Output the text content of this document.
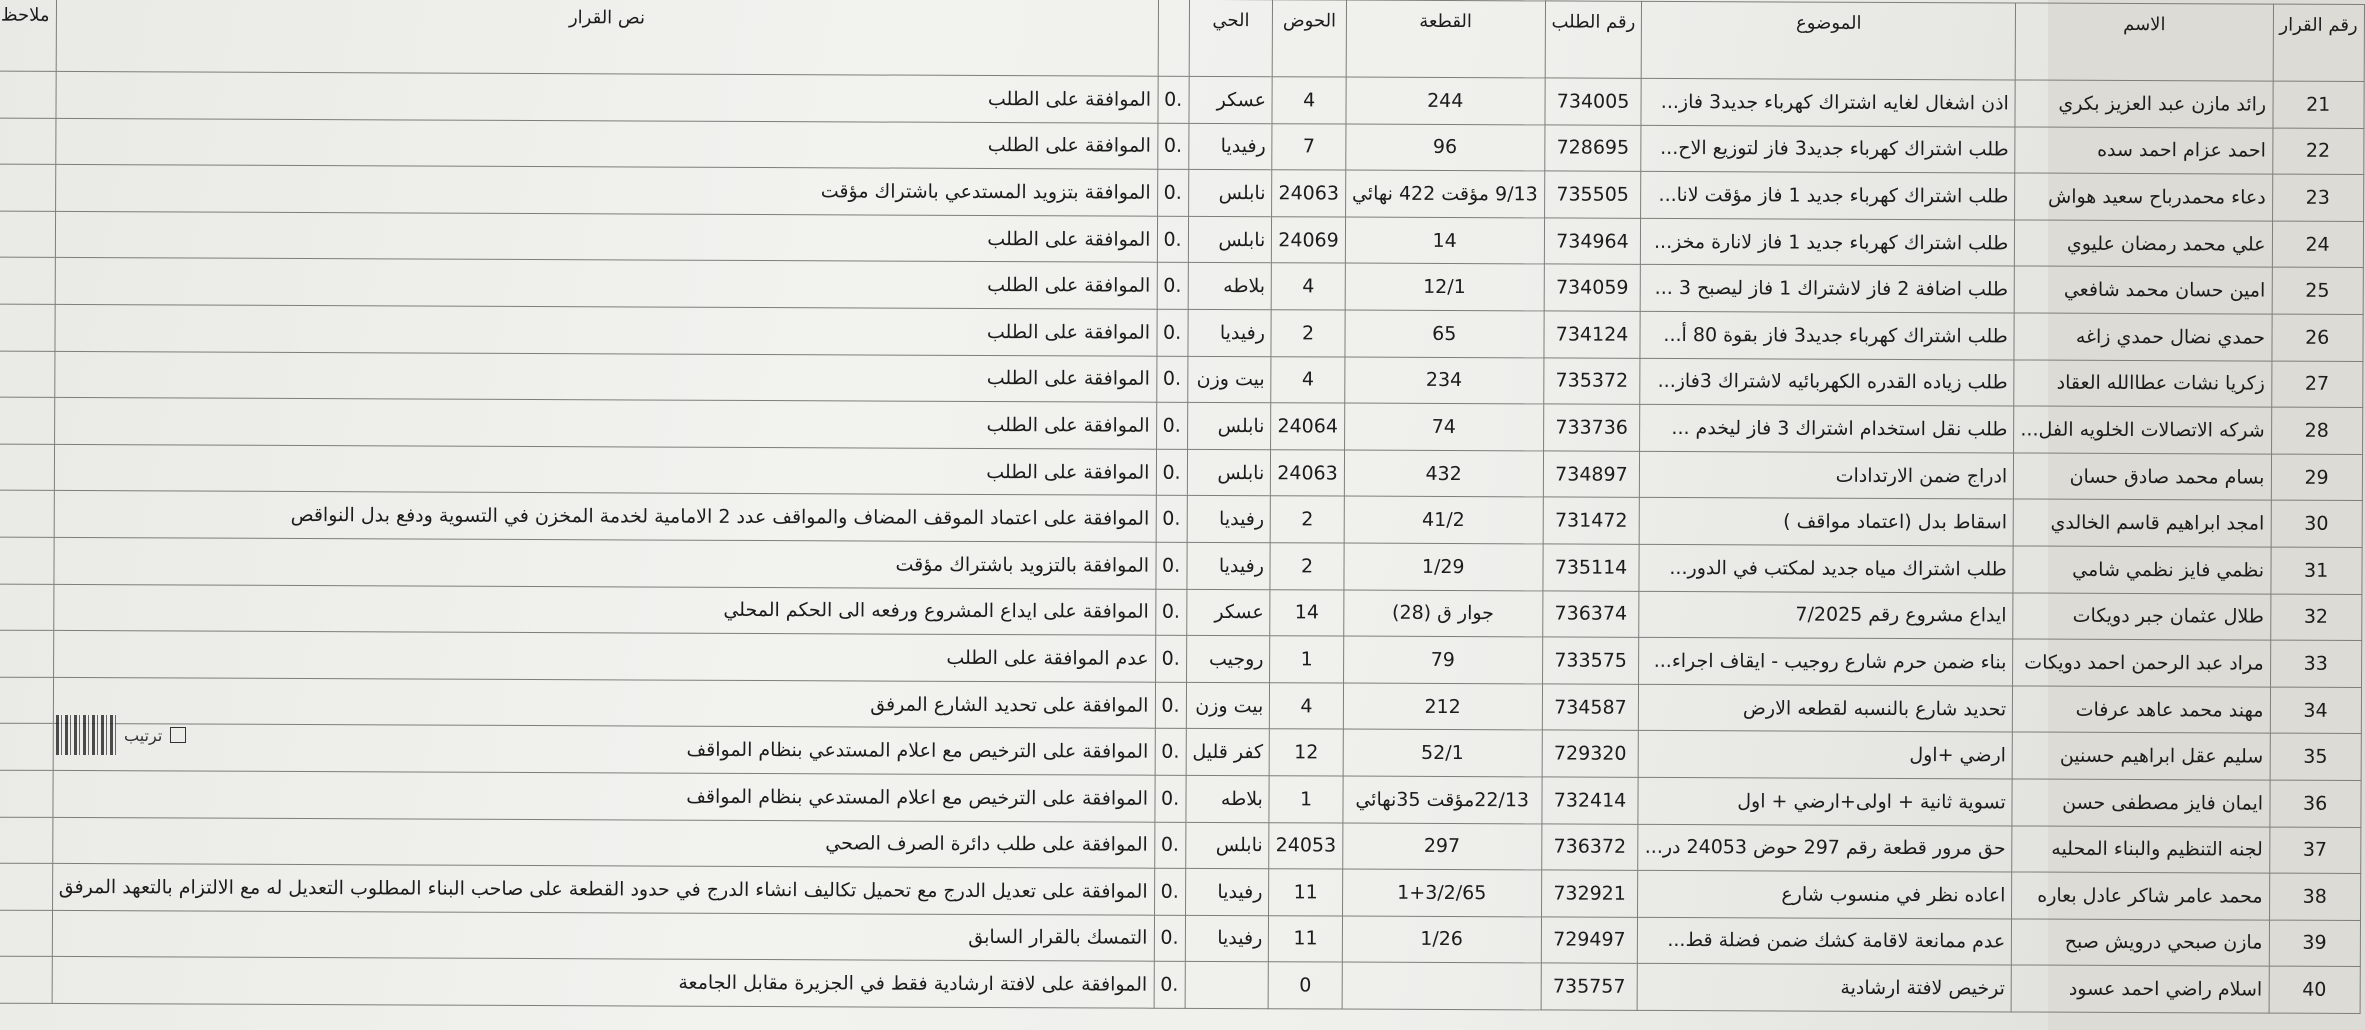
رقم القرار	الاسم	الموضوع	رقم الطلب	القطعة	الحوض	الحي		نص القرار	ملاحظ

21	رائد مازن عبد العزيز بكري	اذن اشغال لغايه اشتراك كهرباء جديد3 فاز...	734005	244	4	عسكر	.0	الموافقة على الطلب	

22	احمد عزام احمد سده	طلب اشتراك كهرباء جديد3 فاز لتوزيع الاح...	728695	96	7	رفيديا	.0	الموافقة على الطلب	

23	دعاء محمدرباح سعيد هواش	طلب اشتراك كهرباء جديد 1 فاز مؤقت لانا...	735505	9/13 مؤقت 422 نهائي	24063	نابلس	.0	الموافقة بتزويد المستدعي باشتراك مؤقت	

24	علي محمد رمضان عليوي	طلب اشتراك كهرباء جديد 1 فاز لانارة مخز...	734964	14	24069	نابلس	.0	الموافقة على الطلب	

25	امين حسان محمد شافعي	طلب اضافة 2 فاز لاشتراك 1 فاز ليصبح 3 ...	734059	12/1	4	بلاطه	.0	الموافقة على الطلب	

26	حمدي نضال حمدي زاغه	طلب اشتراك كهرباء جديد3 فاز بقوة 80 أ...	734124	65	2	رفيديا	.0	الموافقة على الطلب	

27	زكريا نشات عطاالله العقاد	طلب زياده القدره الكهربائيه لاشتراك 3فاز...	735372	234	4	بيت وزن	.0	الموافقة على الطلب	

28	شركه الاتصالات الخلويه الفل...	طلب نقل استخدام اشتراك 3 فاز ليخدم ...	733736	74	24064	نابلس	.0	الموافقة على الطلب	

29	بسام محمد صادق حسان	ادراج ضمن الارتدادات	734897	432	24063	نابلس	.0	الموافقة على الطلب	

30	امجد ابراهيم قاسم الخالدي	اسقاط بدل (اعتماد مواقف )	731472	41/2	2	رفيديا	.0	الموافقة على اعتماد الموقف المضاف والمواقف عدد 2 الامامية لخدمة المخزن في التسوية ودفع بدل النواقص	

31	نظمي فايز نظمي شامي	طلب اشتراك مياه جديد لمكتب في الدور...	735114	1/29	2	رفيديا	.0	الموافقة بالتزويد باشتراك مؤقت	

32	طلال عثمان جبر دويكات	ايداع مشروع رقم 7/2025	736374	جوار ق (28)	14	عسكر	.0	الموافقة على ايداع المشروع ورفعه الى الحكم المحلي	

33	مراد عبد الرحمن احمد دويكات	بناء ضمن حرم شارع روجيب - ايقاف اجراء...	733575	79	1	روجيب	.0	عدم الموافقة على الطلب	

34	مهند محمد عاهد عرفات	تحديد شارع بالنسبه لقطعه الارض	734587	212	4	بيت وزن	.0	الموافقة على تحديد الشارع المرفق	

35	سليم عقل ابراهيم حسنين	ارضي +اول	729320	52/1	12	كفر قليل	.0	الموافقة على الترخيص مع اعلام المستدعي بنظام المواقف	

36	ايمان فايز مصطفى حسن	تسوية ثانية + اولى+ارضي + اول	732414	22/13مؤقت 35نهائي	1	بلاطه	.0	الموافقة على الترخيص مع اعلام المستدعي بنظام المواقف	

37	لجنه التنظيم والبناء المحليه	حق مرور قطعة رقم 297 حوض 24053 در...	736372	297	24053	نابلس	.0	الموافقة على طلب دائرة الصرف الصحي	

38	محمد عامر شاكر عادل بعاره	اعاده نظر في منسوب شارع	732921	1+3/2/65	11	رفيديا	.0	الموافقة على تعديل الدرج مع تحميل تكاليف انشاء الدرج في حدود القطعة على صاحب البناء المطلوب التعديل له مع الالتزام بالتعهد المرفق	

39	مازن صبحي درويش صبح	عدم ممانعة لاقامة كشك ضمن فضلة قط...	729497	1/26	11	رفيديا	.0	التمسك بالقرار السابق	

40	اسلام راضي احمد عسود	ترخيص لافتة ارشادية	735757		0		.0	الموافقة على لافتة ارشادية فقط في الجزيرة مقابل الجامعة	

ترتيب
